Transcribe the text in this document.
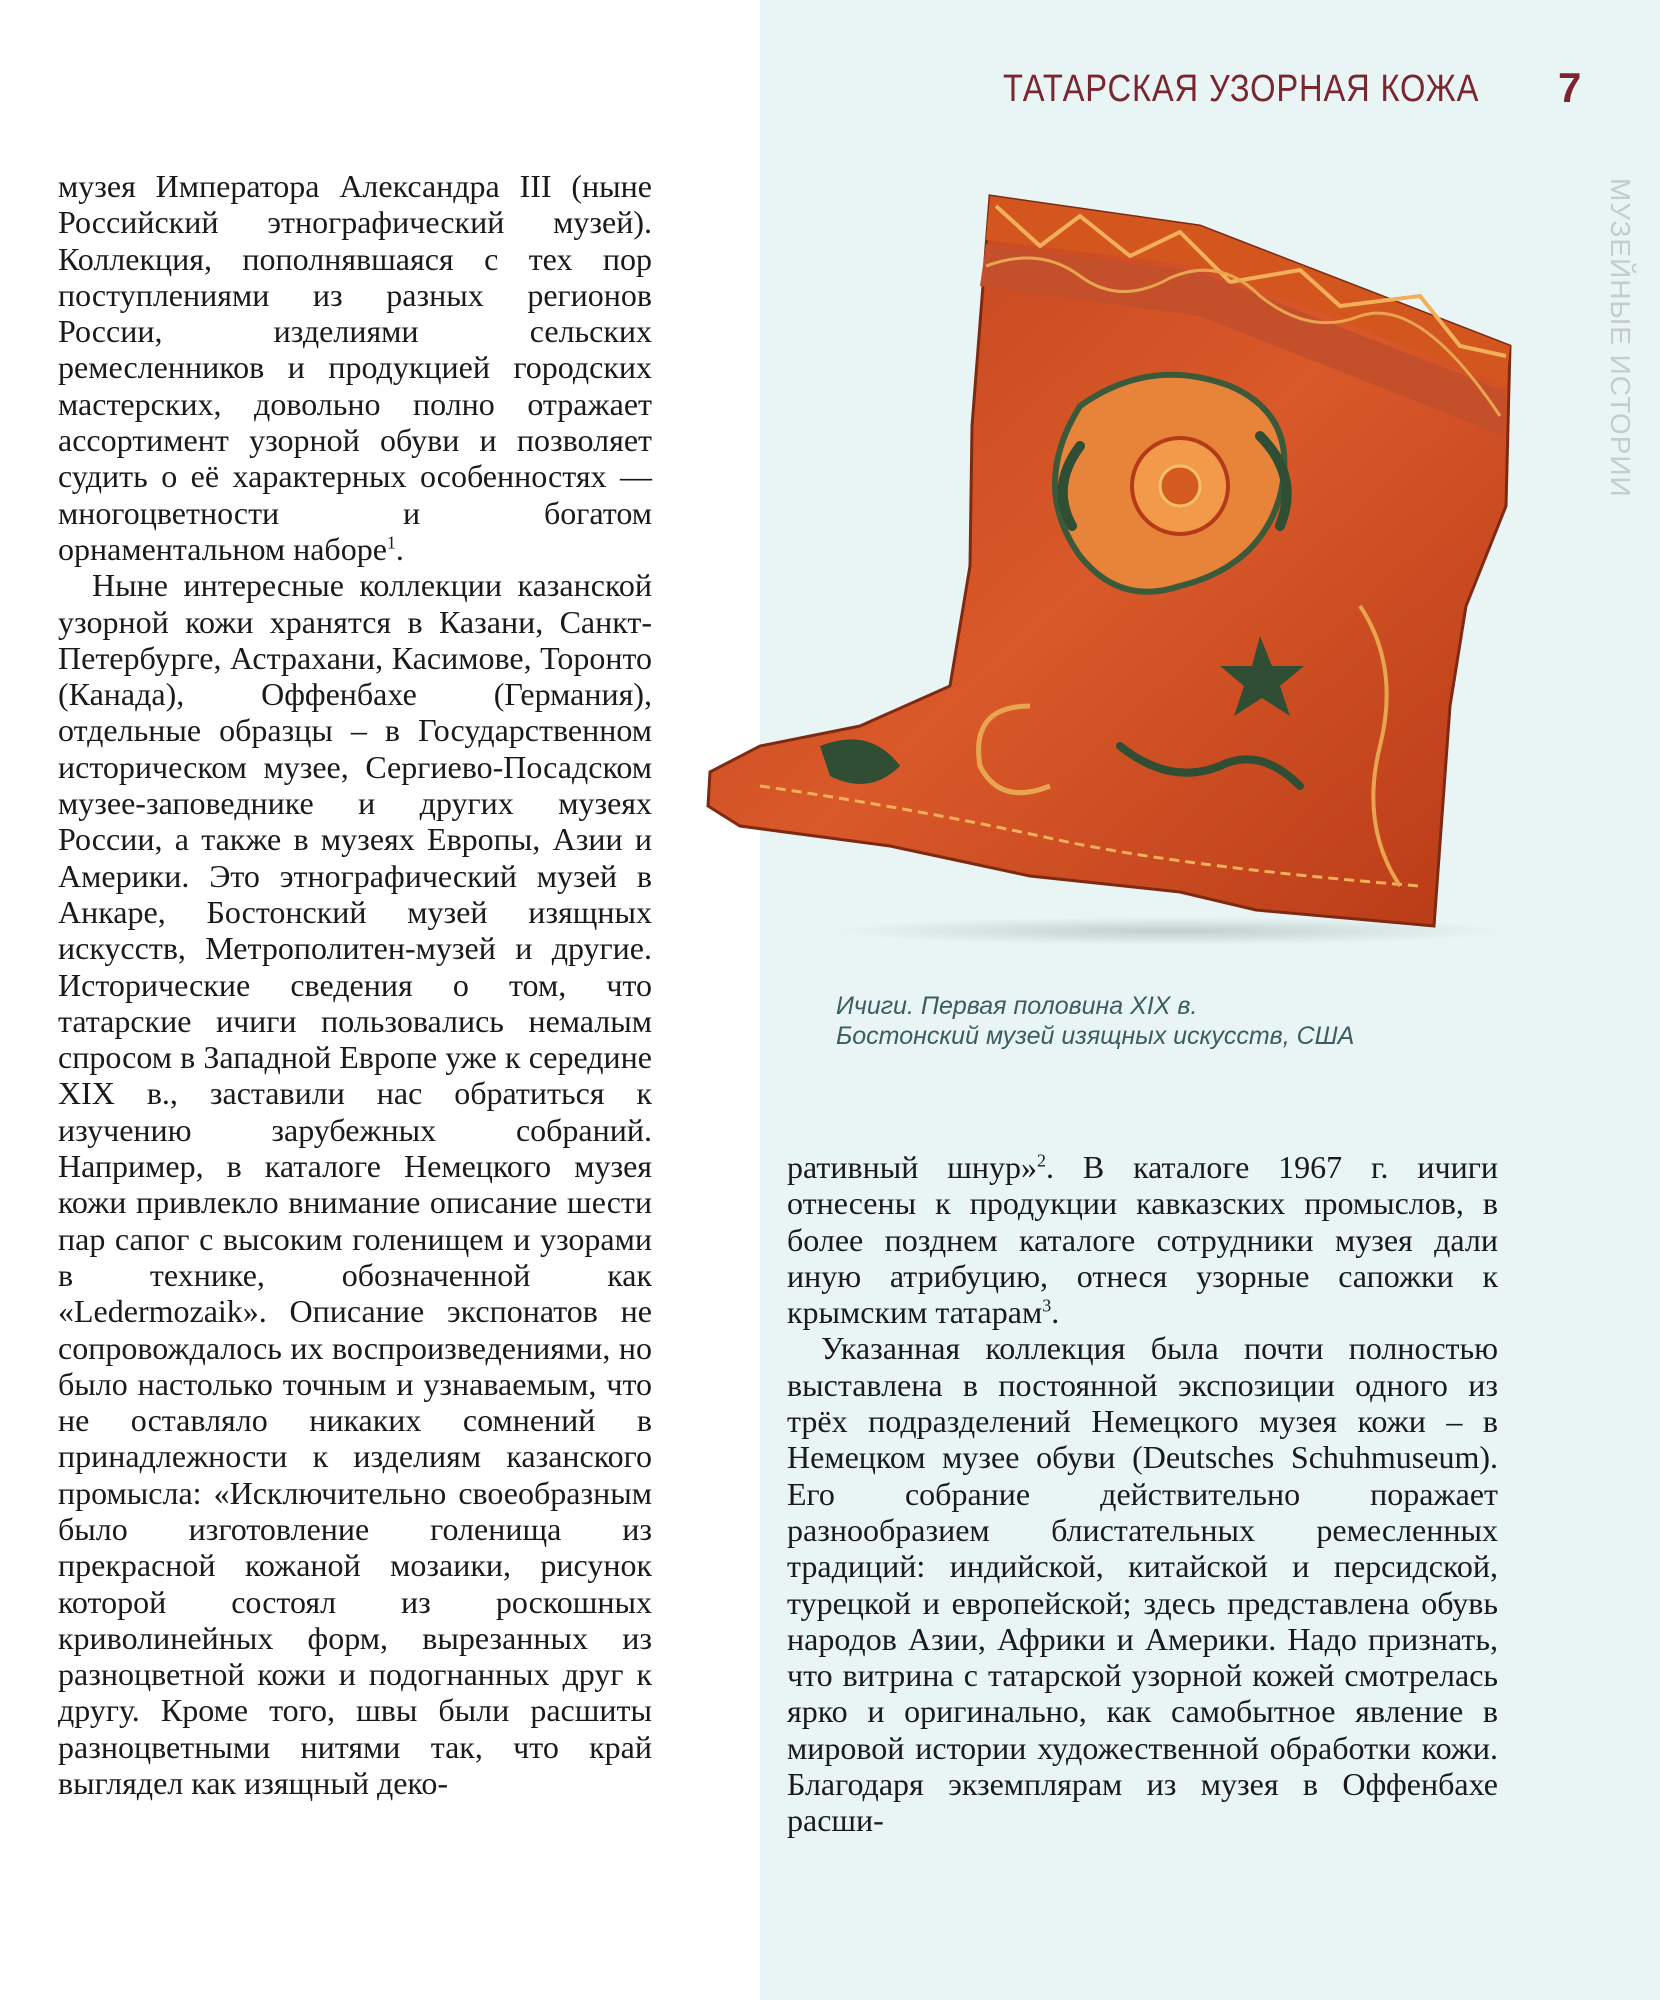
ТАТАРСКАЯ УЗОРНАЯ КОЖА 7
МУЗЕЙНЫЕ ИСТОРИИ

музея Императора Александра III (ныне Российский этнографический музей). Коллекция, пополнявшаяся с тех пор поступлениями из разных регионов России, изделиями сельских ремесленников и продукцией городских мастерских, довольно полно отражает ассортимент узорной обуви и позволяет судить о её характерных особенностях — многоцветности и богатом орнаментальном наборе$^1$.

Ныне интересные коллекции казанской узорной кожи хранятся в Казани, Санкт-Петербурге, Астрахани, Касимове, Торонто (Канада), Оффенбахе (Германия), отдельные образцы – в Государственном историческом музее, Сергиево-Посадском музее-заповеднике и других музеях России, а также в музеях Европы, Азии и Америки. Это этнографический музей в Анкаре, Бостонский музей изящных искусств, Метрополитен-музей и другие. Исторические сведения о том, что татарские ичиги пользовались немалым спросом в Западной Европе уже к середине XIX в., заставили нас обратиться к изучению зарубежных собраний. Например, в каталоге Немецкого музея кожи привлекло внимание описание шести пар сапог с высоким голенищем и узорами в технике, обозначенной как «Ledermozaik». Описание экспонатов не сопровождалось их воспроизведениями, но было настолько точным и узнаваемым, что не оставляло никаких сомнений в принадлежности к изделиям казанского промысла: «Исключительно своеобразным было изготовление голенища из прекрасной кожаной мозаики, рисунок которой состоял из роскошных криволинейных форм, вырезанных из разноцветной кожи и подогнанных друг к другу. Кроме того, швы были расшиты разноцветными нитями так, что край выглядел как изящный деко-

Ичиги. Первая половина XIX в.
Бостонский музей изящных искусств, США

ративный шнур»$^2$. В каталоге 1967 г. ичиги отнесены к продукции кавказских промыслов, в более позднем каталоге сотрудники музея дали иную атрибуцию, отнеся узорные сапожки к крымским татарам$^3$.

Указанная коллекция была почти полностью выставлена в постоянной экспозиции одного из трёх подразделений Немецкого музея кожи – в Немецком музее обуви (Deutsches Schuhmuseum). Его собрание действительно поражает разнообразием блистательных ремесленных традиций: индийской, китайской и персидской, турецкой и европейской; здесь представлена обувь народов Азии, Африки и Америки. Надо признать, что витрина с татарской узорной кожей смотрелась ярко и оригинально, как самобытное явление в мировой истории художественной обработки кожи. Благодаря экземплярам из музея в Оффенбахе расши-
